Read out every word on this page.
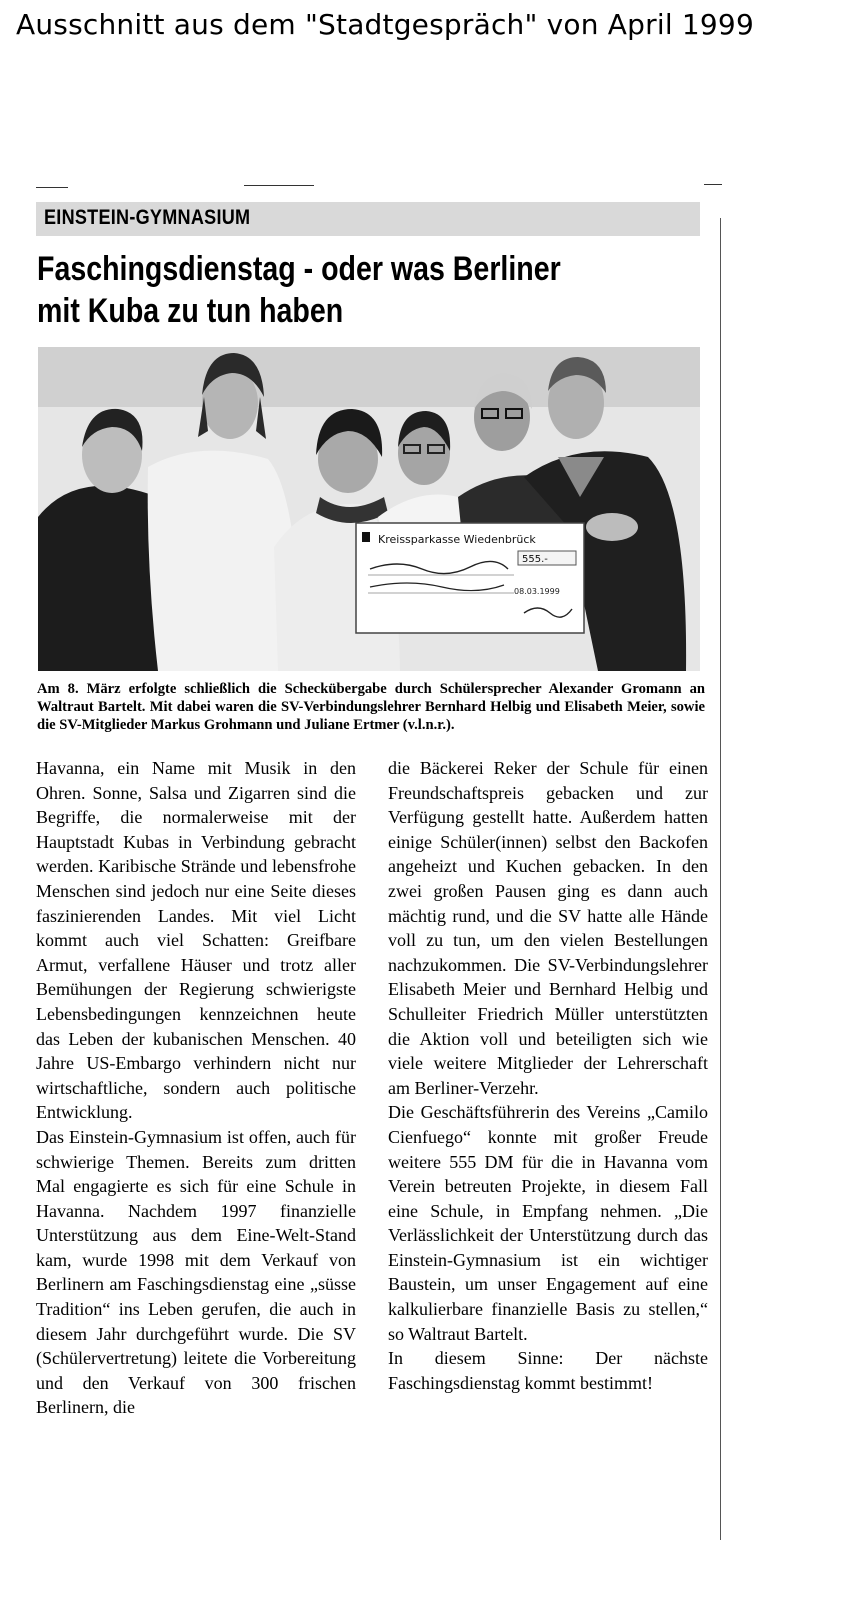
Ausschnitt aus dem "Stadtgespräch" von April 1999
EINSTEIN-GYMNASIUM
Faschingsdienstag - oder was Berliner
mit Kuba zu tun haben
Kreissparkasse Wiedenbrück
555.-
08.03.1999
Am 8. März erfolgte schließlich die Scheckübergabe durch Schülersprecher Alexander Gromann an Waltraut Bartelt. Mit dabei waren die SV-Verbindungslehrer Bernhard Helbig und Elisabeth Meier, sowie die SV-Mitglieder Markus Grohmann und Juliane Ertmer (v.l.n.r.).

Havanna, ein Name mit Musik in den Ohren. Sonne, Salsa und Zigarren sind die Begriffe, die normalerweise mit der Hauptstadt Kubas in Verbindung gebracht werden. Karibische Strände und lebensfrohe Menschen sind jedoch nur eine Seite dieses faszinierenden Landes. Mit viel Licht kommt auch viel Schatten: Greifbare Armut, verfallene Häuser und trotz aller Bemühungen der Regierung schwierigste Lebensbedingungen kennzeichnen heute das Leben der kubanischen Menschen. 40 Jahre US-Embargo verhindern nicht nur wirtschaftliche, sondern auch politische Entwicklung.

Das Einstein-Gymnasium ist offen, auch für schwierige Themen. Bereits zum dritten Mal engagierte es sich für eine Schule in Havanna. Nachdem 1997 finanzielle Unterstützung aus dem Eine-Welt-Stand kam, wurde 1998 mit dem Verkauf von Berlinern am Faschingsdienstag eine „süsse Tradition“ ins Leben gerufen, die auch in diesem Jahr durchgeführt wurde. Die SV (Schülervertretung) leitete die Vorbereitung und den Verkauf von 300 frischen Berlinern, die

die Bäckerei Reker der Schule für einen Freundschaftspreis gebacken und zur Verfügung gestellt hatte. Außerdem hatten einige Schüler(innen) selbst den Backofen angeheizt und Kuchen gebacken. In den zwei großen Pausen ging es dann auch mächtig rund, und die SV hatte alle Hände voll zu tun, um den vielen Bestellungen nachzukommen. Die SV-Verbindungslehrer Elisabeth Meier und Bernhard Helbig und Schulleiter Friedrich Müller unterstützten die Aktion voll und beteiligten sich wie viele weitere Mitglieder der Lehrerschaft am Berliner-Verzehr.

Die Geschäftsführerin des Vereins „Camilo Cienfuego“ konnte mit großer Freude weitere 555 DM für die in Havanna vom Verein betreuten Projekte, in diesem Fall eine Schule, in Empfang nehmen. „Die Verlässlichkeit der Unterstützung durch das Einstein-Gymnasium ist ein wichtiger Baustein, um unser Engagement auf eine kalkulierbare finanzielle Basis zu stellen,“ so Waltraut Bartelt.

In diesem Sinne: Der nächste Faschingsdienstag kommt bestimmt!
